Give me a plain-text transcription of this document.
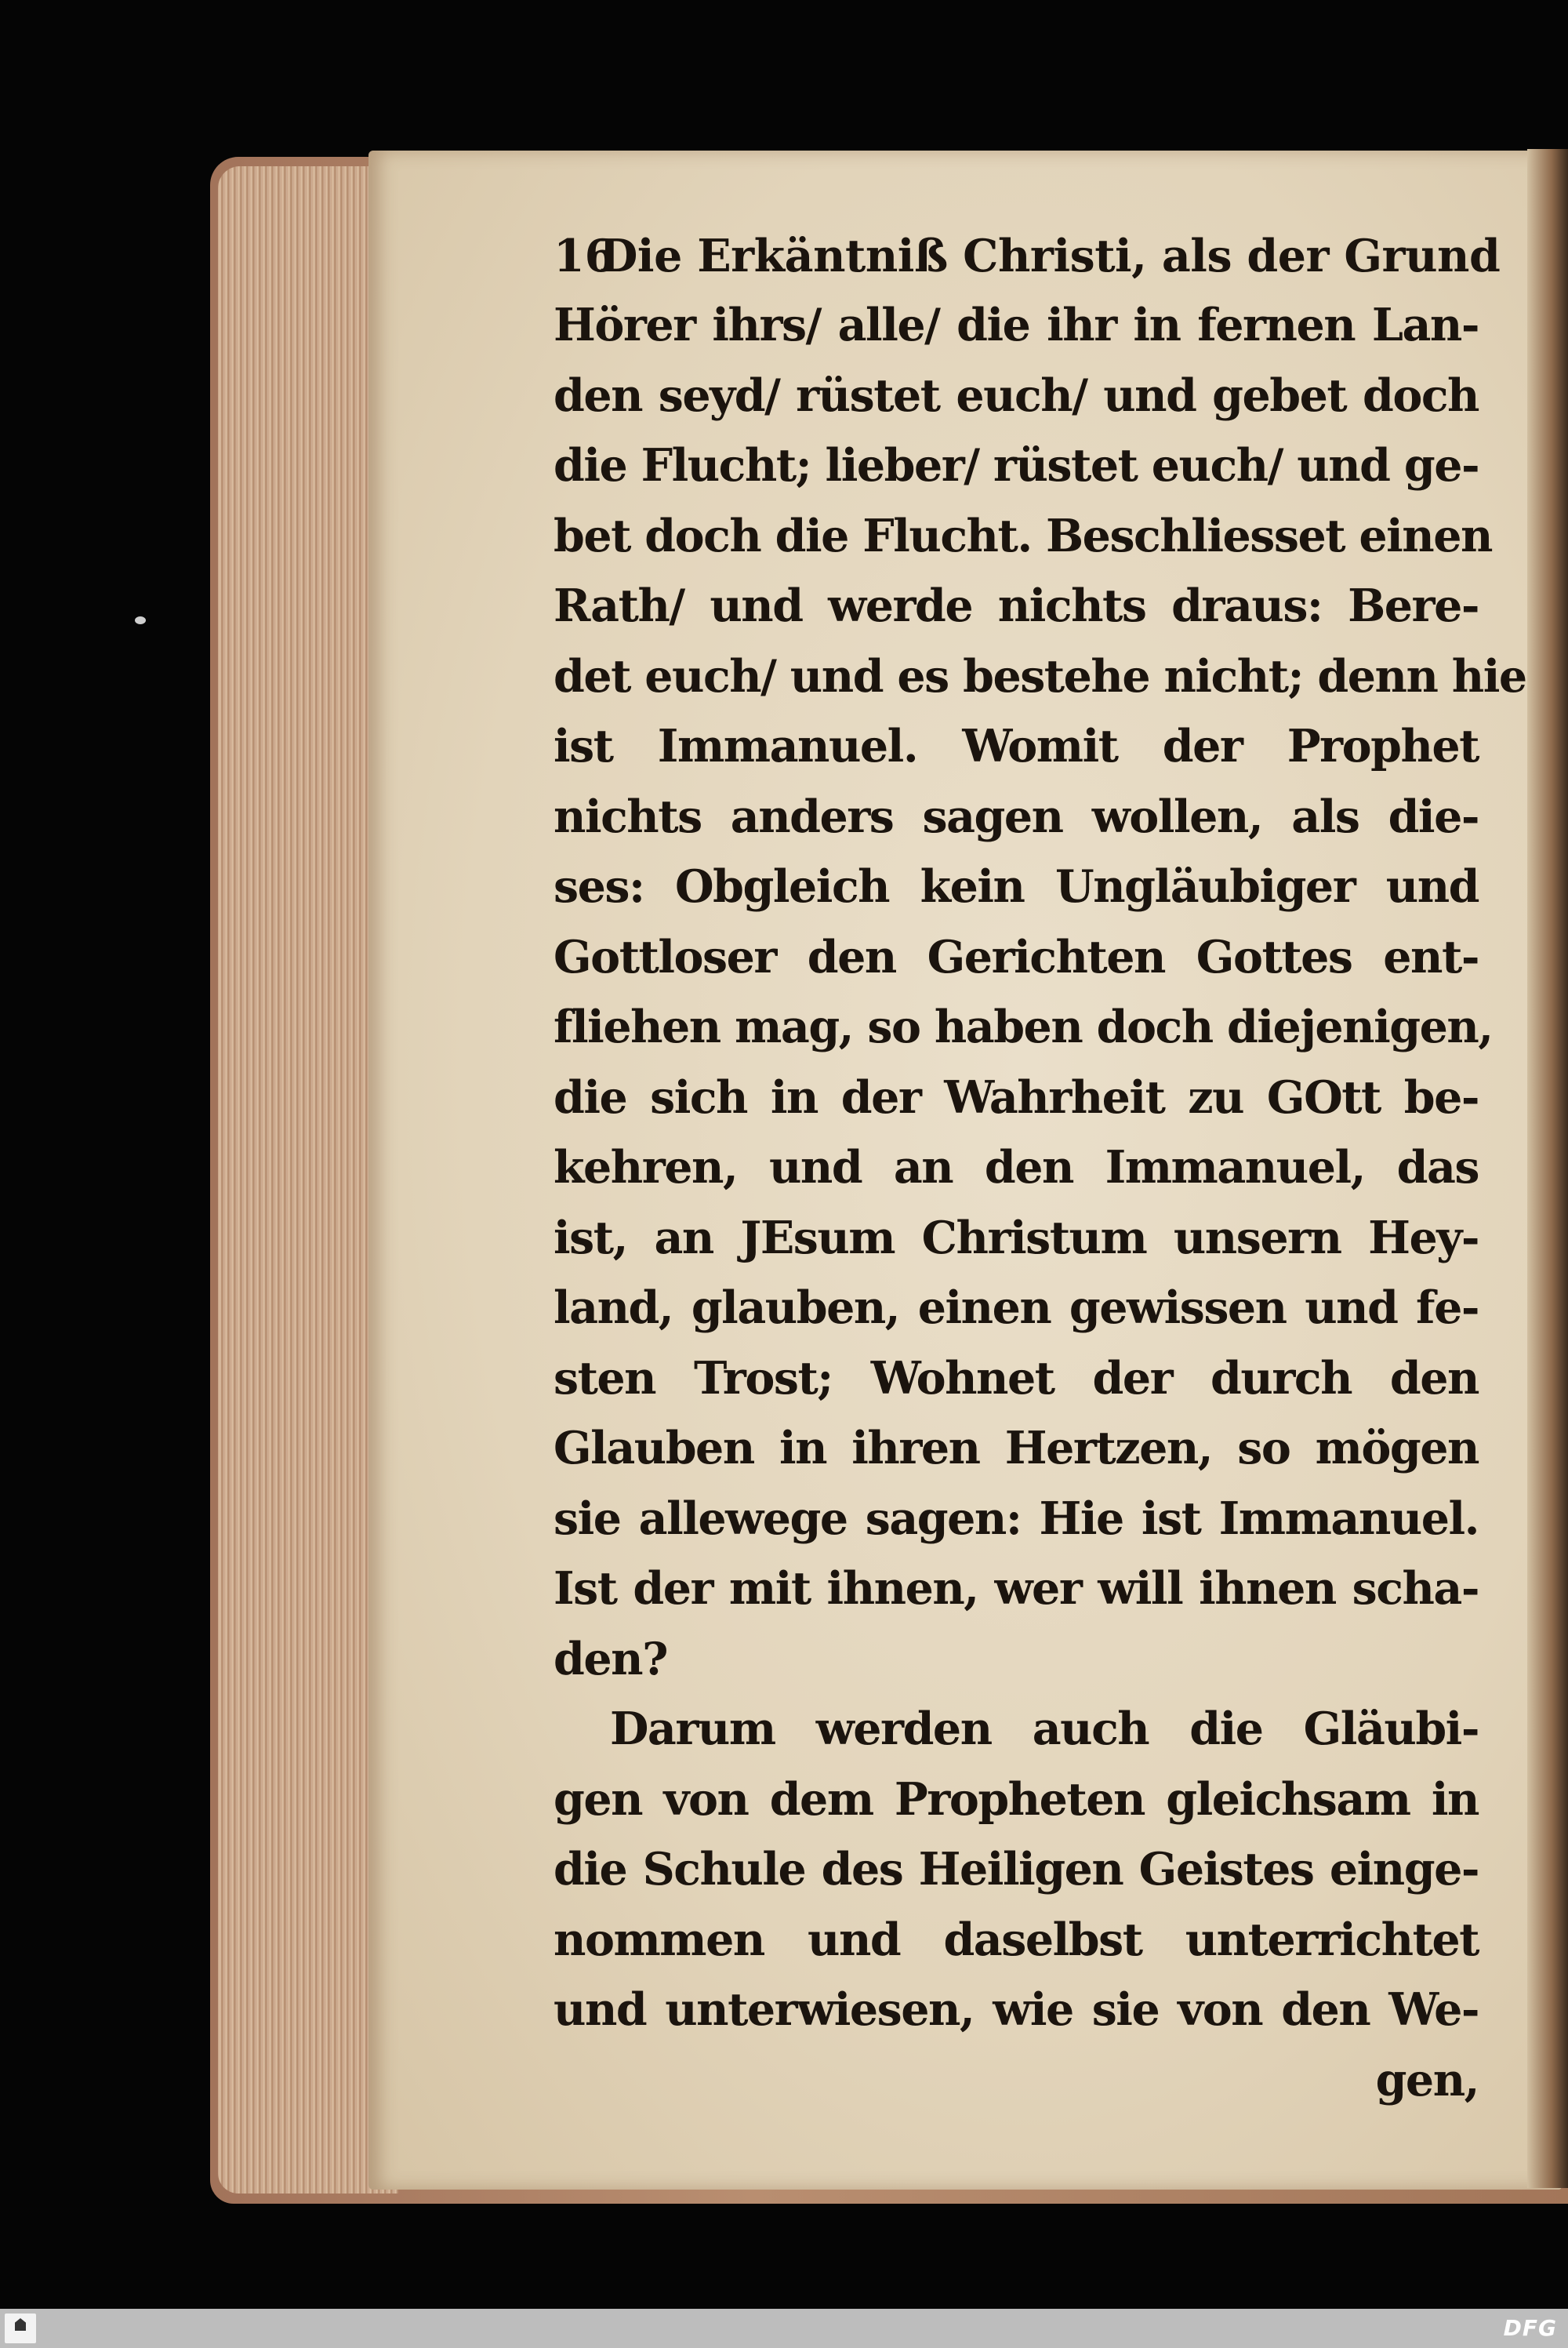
16
Die Erkäntniß Christi, als der Grund
Hörer ihrs/ alle/ die ihr in fernen Lan-
den seyd/ rüstet euch/ und gebet doch
die Flucht; lieber/ rüstet euch/ und ge-
bet doch die Flucht. Beschliesset einen
Rath/ und werde nichts draus: Bere-
det euch/ und es bestehe nicht; denn hie
ist Immanuel. Womit der Prophet
nichts anders sagen wollen, als die-
ses: Obgleich kein Ungläubiger und
Gottloser den Gerichten Gottes ent-
fliehen mag, so haben doch diejenigen,
die sich in der Wahrheit zu GOtt be-
kehren, und an den Immanuel, das
ist, an JEsum Christum unsern Hey-
land, glauben, einen gewissen und fe-
sten Trost; Wohnet der durch den
Glauben in ihren Hertzen, so mögen
sie allewege sagen: Hie ist Immanuel.
Ist der mit ihnen, wer will ihnen scha-
den?
Darum werden auch die Gläubi-
gen von dem Propheten gleichsam in
die Schule des Heiligen Geistes einge-
nommen und daselbst unterrichtet
und unterwiesen, wie sie von den We-
gen,
DFG
